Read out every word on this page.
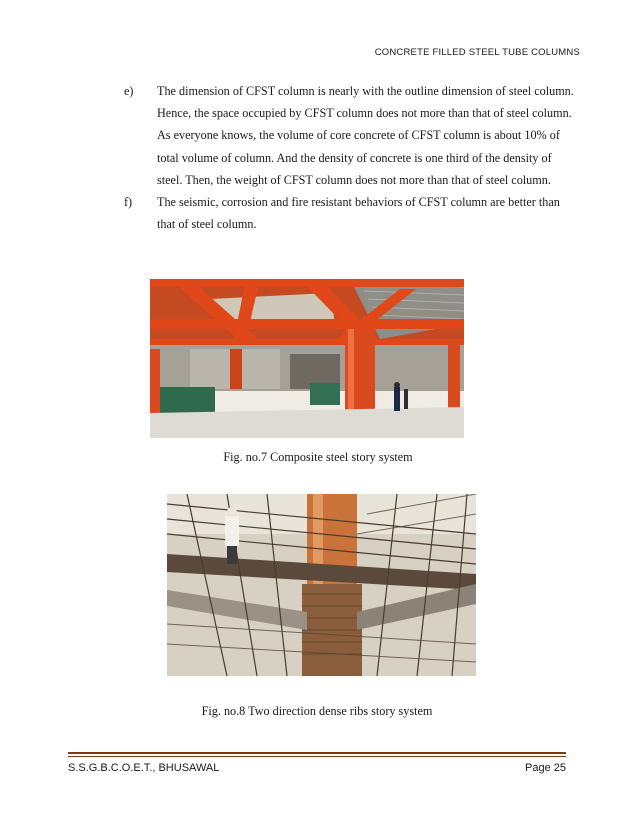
CONCRETE FILLED STEEL TUBE COLUMNS
e) The dimension of CFST column is nearly with the outline dimension of steel column. Hence, the space occupied by CFST column does not more than that of steel column. As everyone knows, the volume of core concrete of CFST column is about 10% of total volume of column. And the density of concrete is one third of the density of steel. Then, the weight of CFST column does not more than that of steel column.
f) The seismic, corrosion and fire resistant behaviors of CFST column are better than that of steel column.
Fig. no.7 Composite steel story system
Fig. no.8 Two direction dense ribs story system
S.S.G.B.C.O.E.T., BHUSAWAL	Page 25
